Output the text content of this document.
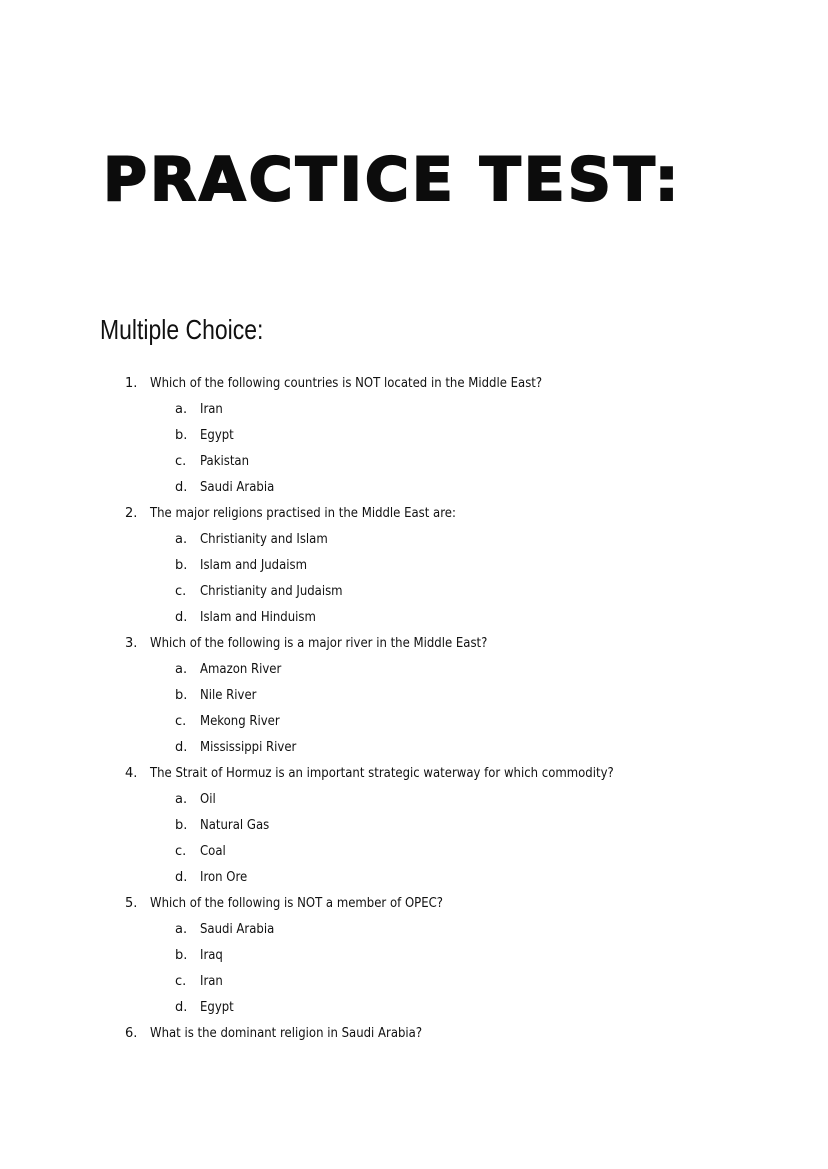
PRACTICE TEST:
Multiple Choice:
1. Which of the following countries is NOT located in the Middle East?
a. Iran
b. Egypt
c. Pakistan
d. Saudi Arabia
2. The major religions practised in the Middle East are:
a. Christianity and Islam
b. Islam and Judaism
c. Christianity and Judaism
d. Islam and Hinduism
3. Which of the following is a major river in the Middle East?
a. Amazon River
b. Nile River
c. Mekong River
d. Mississippi River
4. The Strait of Hormuz is an important strategic waterway for which commodity?
a. Oil
b. Natural Gas
c. Coal
d. Iron Ore
5. Which of the following is NOT a member of OPEC?
a. Saudi Arabia
b. Iraq
c. Iran
d. Egypt
6. What is the dominant religion in Saudi Arabia?
